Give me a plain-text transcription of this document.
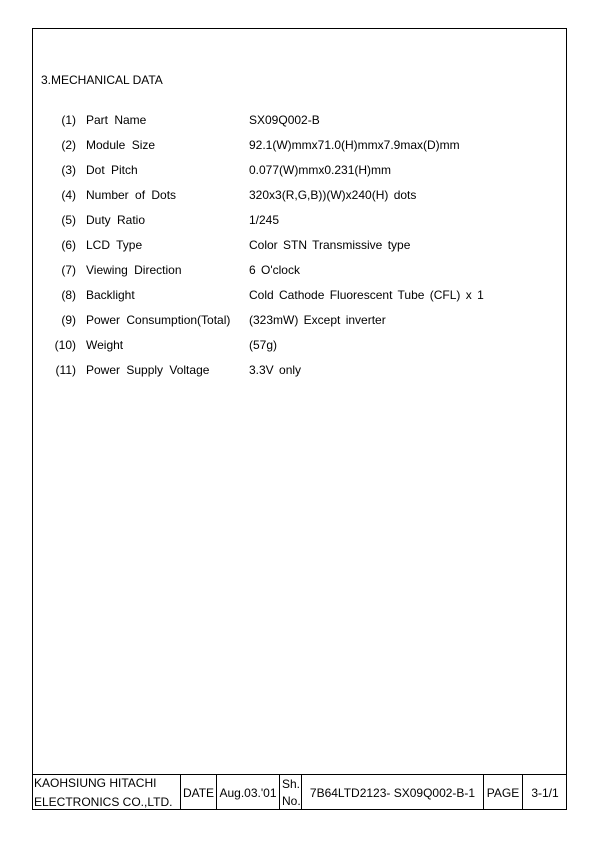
3.MECHANICAL DATA
(1) Part Name	SX09Q002-B
(2) Module Size	92.1(W)mmx71.0(H)mmx7.9max(D)mm
(3) Dot Pitch	0.077(W)mmx0.231(H)mm
(4) Number of Dots	320x3(R,G,B))(W)x240(H) dots
(5) Duty Ratio	1/245
(6) LCD Type	Color STN Transmissive type
(7) Viewing Direction	6 O'clock
(8) Backlight	Cold Cathode Fluorescent Tube (CFL) x 1
(9) Power Consumption(Total) (323mW) Except inverter
(10) Weight	(57g)
(11) Power Supply Voltage	3.3V only
KAOHSIUNG HITACHI
ELECTRONICS CO.,LTD.
DATE Aug.03.'01
Sh.
No.
7B64LTD2123- SX09Q002-B-1 PAGE	3-1/1
